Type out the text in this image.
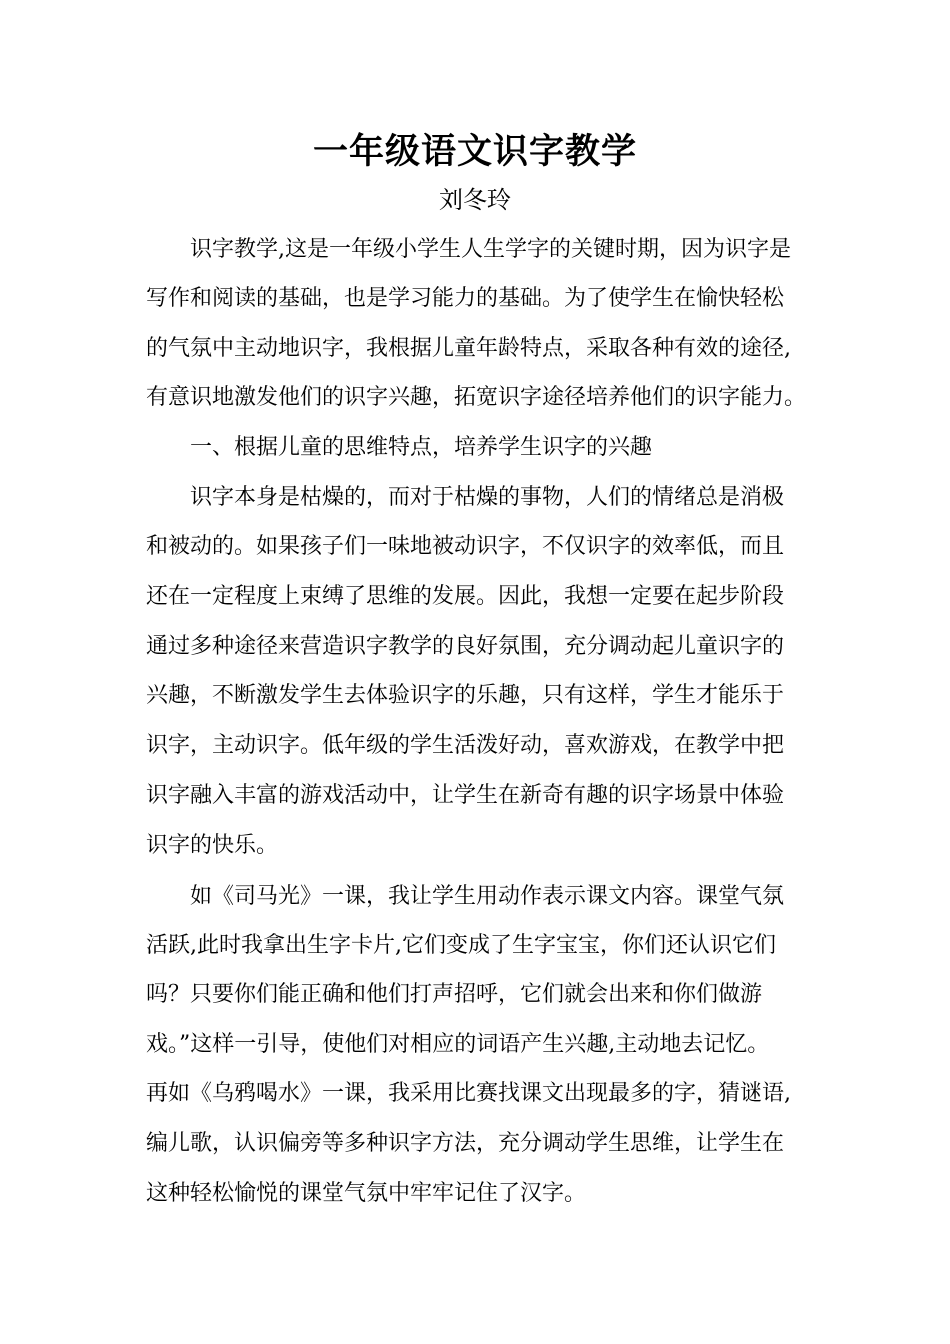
一年级语文识字教学

刘冬玲

识字教学,这是一年级小学生人生学字的关键时期，因为识字是

写作和阅读的基础，也是学习能力的基础。为了使学生在愉快轻松

的气氛中主动地识字，我根据儿童年龄特点，采取各种有效的途径,

有意识地激发他们的识字兴趣，拓宽识字途径培养他们的识字能力。

一、根据儿童的思维特点，培养学生识字的兴趣

识字本身是枯燥的，而对于枯燥的事物，人们的情绪总是消极

和被动的。如果孩子们一味地被动识字，不仅识字的效率低，而且

还在一定程度上束缚了思维的发展。因此，我想一定要在起步阶段

通过多种途径来营造识字教学的良好氛围，充分调动起儿童识字的

兴趣，不断激发学生去体验识字的乐趣，只有这样，学生才能乐于

识字，主动识字。低年级的学生活泼好动，喜欢游戏，在教学中把

识字融入丰富的游戏活动中，让学生在新奇有趣的识字场景中体验

识字的快乐。

如《司马光》一课，我让学生用动作表示课文内容。课堂气氛

活跃,此时我拿出生字卡片,它们变成了生字宝宝，你们还认识它们

吗？只要你们能正确和他们打声招呼，它们就会出来和你们做游

戏。”这样一引导，使他们对相应的词语产生兴趣,主动地去记忆。

再如《乌鸦喝水》一课，我采用比赛找课文出现最多的字，猜谜语,

编儿歌，认识偏旁等多种识字方法，充分调动学生思维，让学生在

这种轻松愉悦的课堂气氛中牢牢记住了汉字。
